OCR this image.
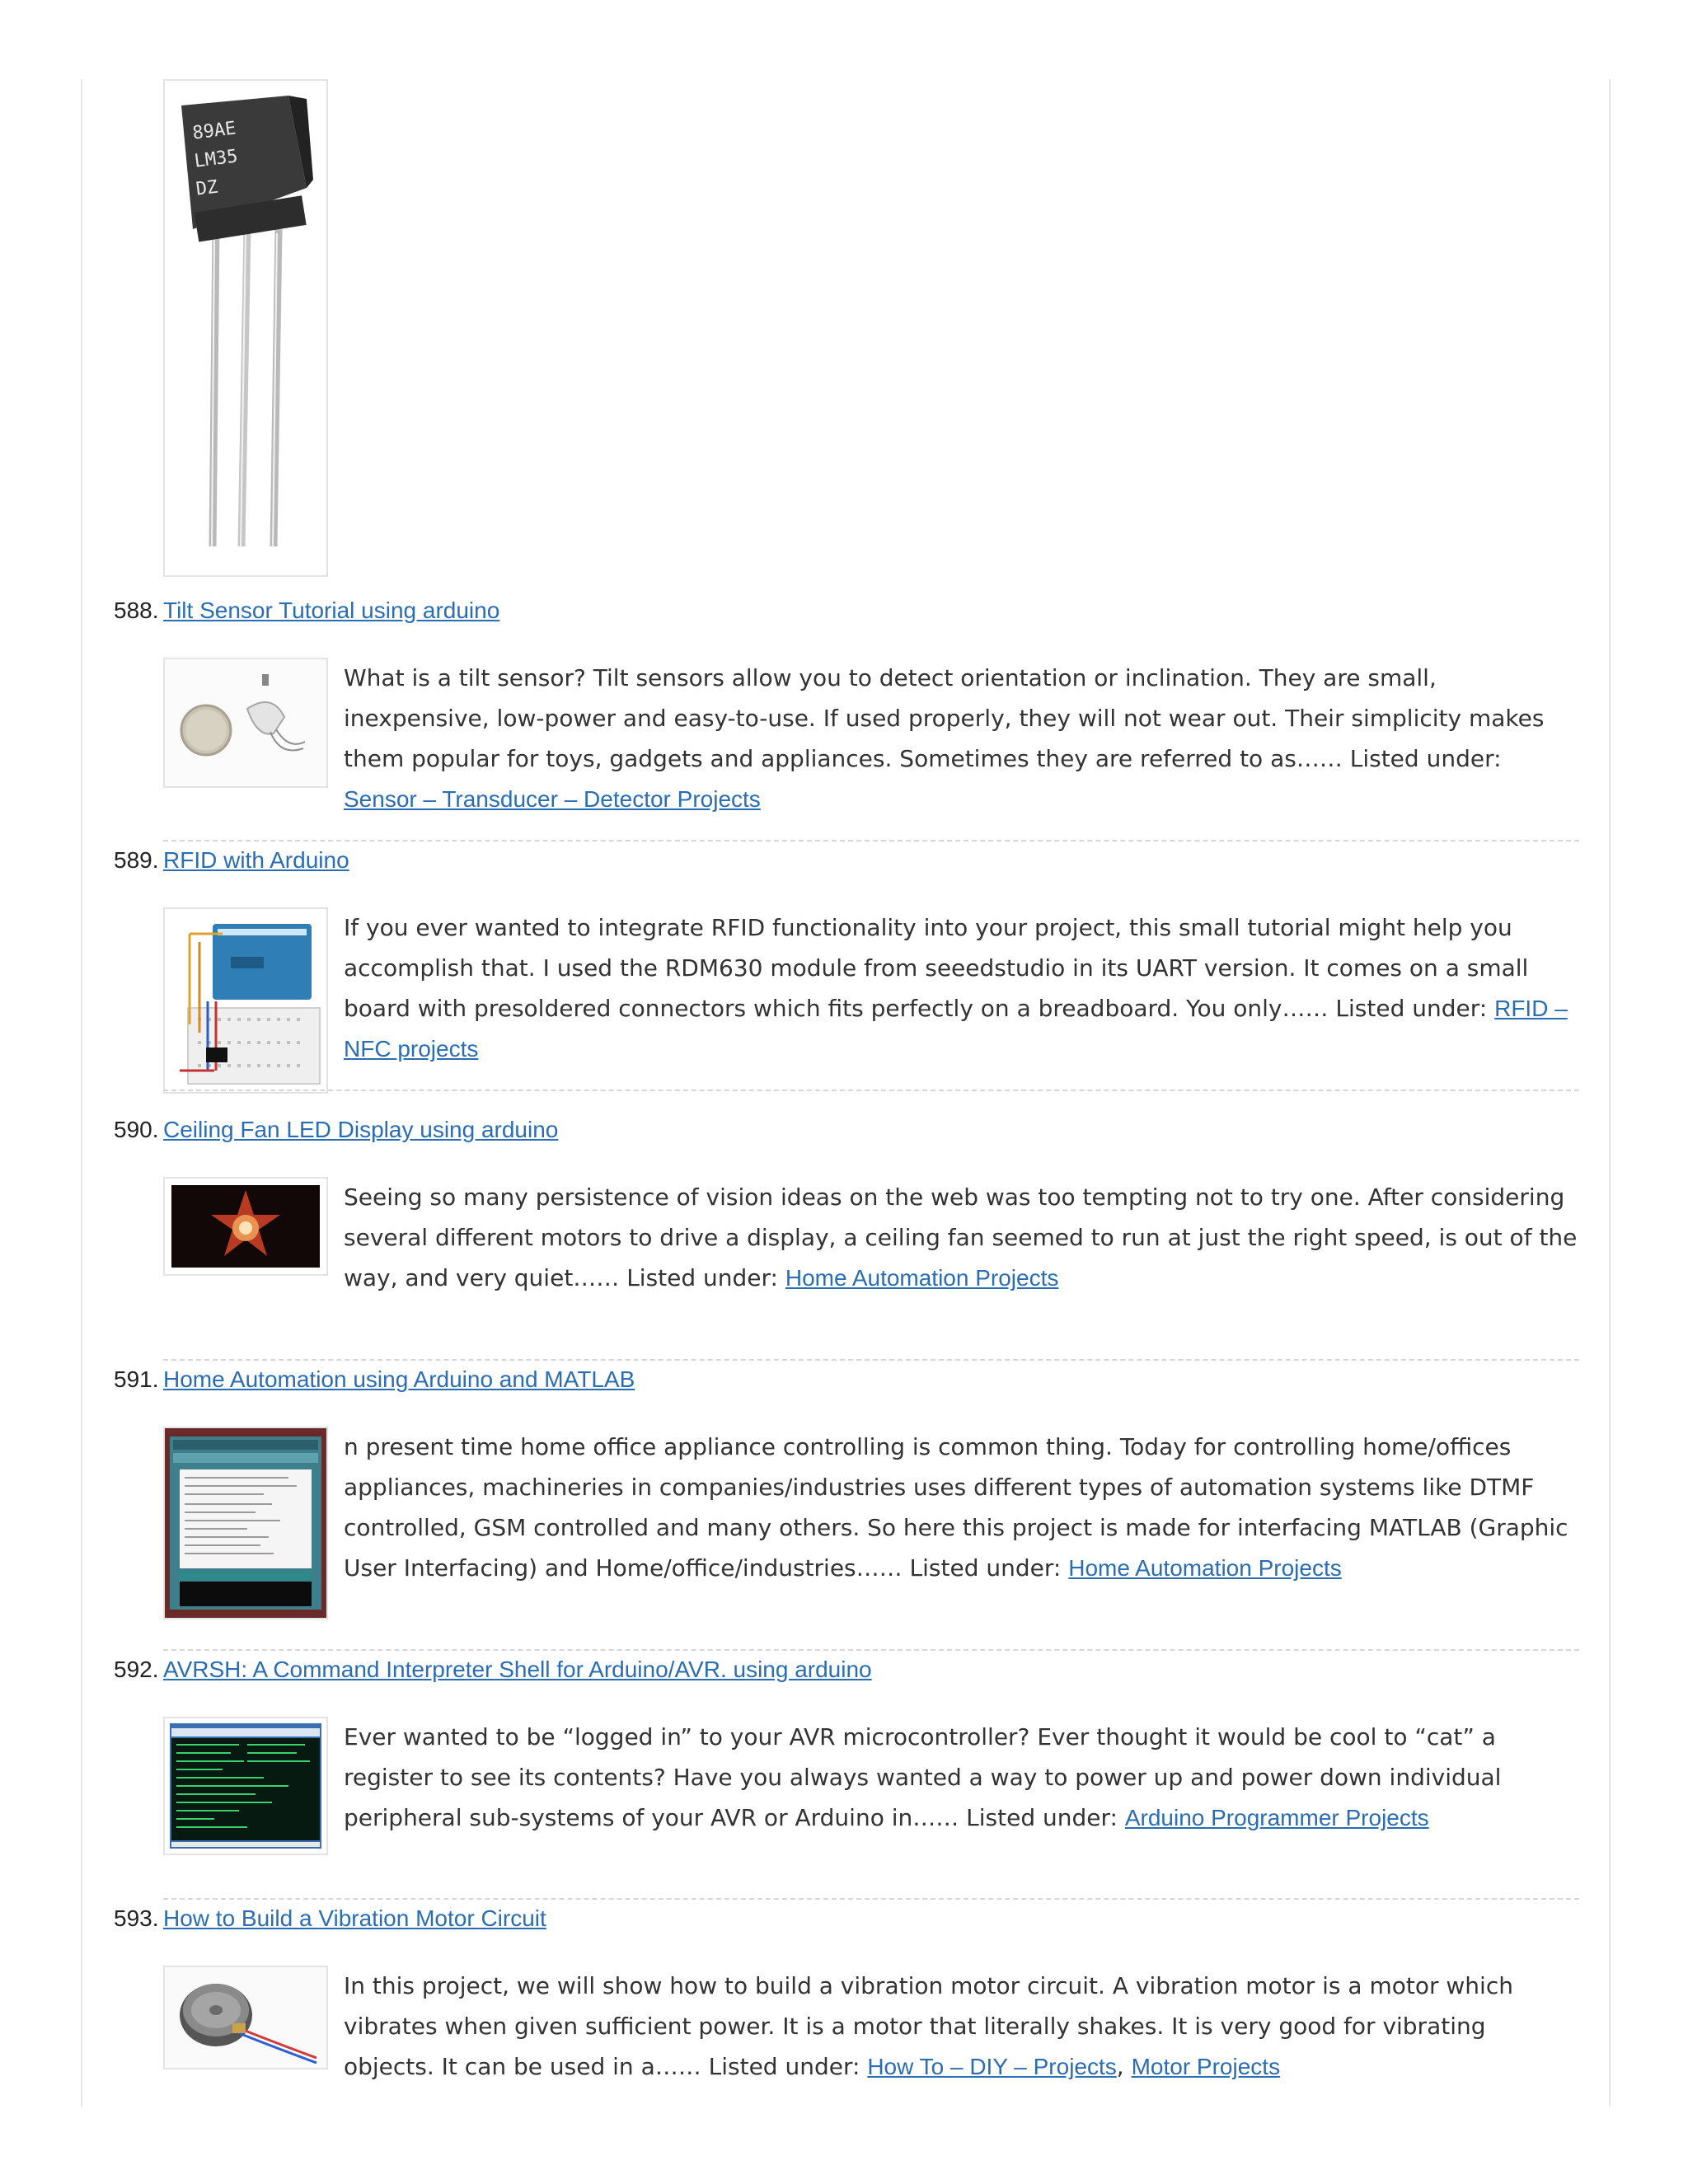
89AE
LM35
DZ
588. Tilt Sensor Tutorial using arduino
What is a tilt sensor? Tilt sensors allow you to detect orientation or inclination. They are small, inexpensive, low-power and easy-to-use. If used properly, they will not wear out. Their simplicity makes them popular for toys, gadgets and appliances. Sometimes they are referred to as…… Listed under: Sensor – Transducer – Detector Projects
589. RFID with Arduino
If you ever wanted to integrate RFID functionality into your project, this small tutorial might help you accomplish that. I used the RDM630 module from seeedstudio in its UART version. It comes on a small board with presoldered connectors which fits perfectly on a breadboard. You only…… Listed under: RFID – NFC projects
590. Ceiling Fan LED Display using arduino
Seeing so many persistence of vision ideas on the web was too tempting not to try one. After considering several different motors to drive a display, a ceiling fan seemed to run at just the right speed, is out of the way, and very quiet…… Listed under: Home Automation Projects
591. Home Automation using Arduino and MATLAB
n present time home office appliance controlling is common thing. Today for controlling home/offices appliances, machineries in companies/industries uses different types of automation systems like DTMF controlled, GSM controlled and many others. So here this project is made for interfacing MATLAB (Graphic User Interfacing) and Home/office/industries…… Listed under: Home Automation Projects
592. AVRSH: A Command Interpreter Shell for Arduino/AVR. using arduino
Ever wanted to be “logged in” to your AVR microcontroller? Ever thought it would be cool to “cat” a register to see its contents? Have you always wanted a way to power up and power down individual peripheral sub-systems of your AVR or Arduino in…… Listed under: Arduino Programmer Projects
593. How to Build a Vibration Motor Circuit
In this project, we will show how to build a vibration motor circuit. A vibration motor is a motor which vibrates when given sufficient power. It is a motor that literally shakes. It is very good for vibrating objects. It can be used in a…… Listed under: How To – DIY – Projects, Motor Projects
